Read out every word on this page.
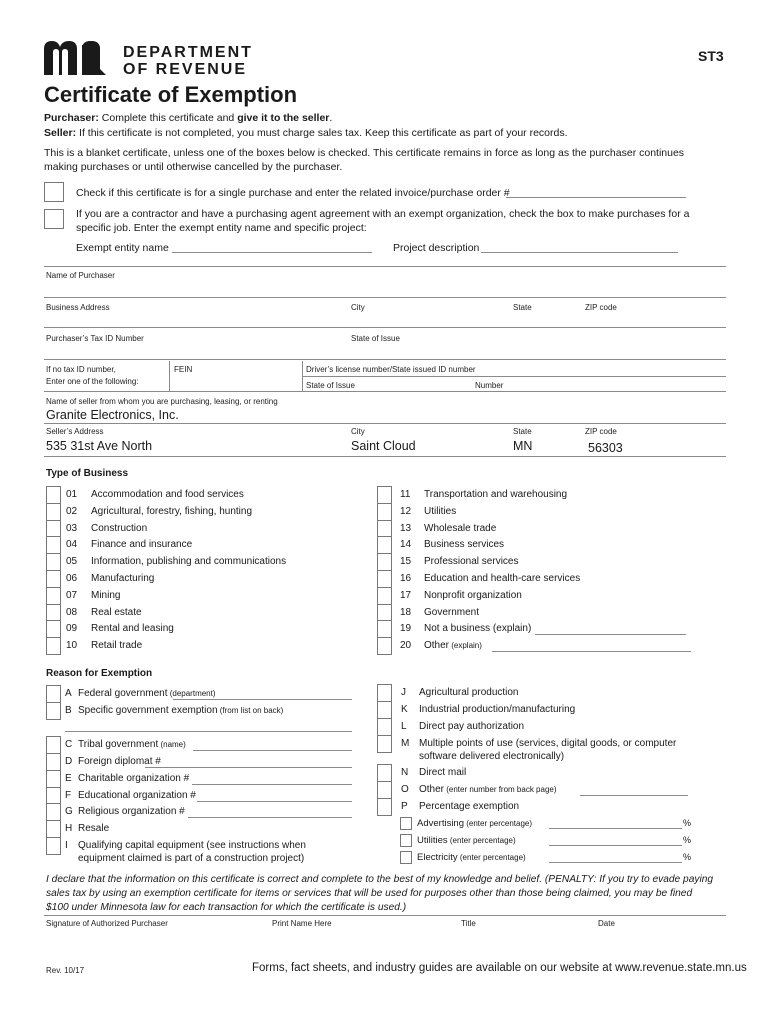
DEPARTMENT
OF REVENUE
ST3
Certificate of Exemption
Purchaser: Complete this certificate and give it to the seller.
Seller: If this certificate is not completed, you must charge sales tax. Keep this certificate as part of your records.
This is a blanket certificate, unless one of the boxes below is checked. This certificate remains in force as long as the purchaser continues
making purchases or until otherwise cancelled by the purchaser.
Check if this certificate is for a single purchase and enter the related invoice/purchase order #
If you are a contractor and have a purchasing agent agreement with an exempt organization, check the box to make purchases for a
specific job. Enter the exempt entity name and specific project:
Exempt entity name	Project description
Name of Purchaser
Business Address	City	State	ZIP code
Purchaser’s Tax ID Number	State of Issue
If no tax ID number,
Enter one of the following:
FEIN	Driver’s license number/State issued ID number
State of Issue	Number
Name of seller from whom you are purchasing, leasing, or renting
Granite Electronics, Inc.
Seller’s Address	City	State	ZIP code
535 31st Ave North	Saint Cloud	MN	56303
Type of Business
01 Accommodation and food services
02 Agricultural, forestry, fishing, hunting
03 Construction
04 Finance and insurance
05 Information, publishing and communications
06 Manufacturing
07 Mining
08 Real estate
09 Rental and leasing
10 Retail trade
11 Transportation and warehousing
12 Utilities
13 Wholesale trade
14 Business services
15 Professional services
16 Education and health-care services
17 Nonprofit organization
18 Government
19 Not a business (explain)
20 Other (explain)
Reason for Exemption
A Federal government (department)
B Specific government exemption (from list on back)
C Tribal government (name)
D Foreign diplomat #
E Charitable organization #
F Educational organization #
G Religious organization #
H Resale
I Qualifying capital equipment (see instructions when
equipment claimed is part of a construction project)
J Agricultural production
K Industrial production/manufacturing
L Direct pay authorization
M Multiple points of use (services, digital goods, or computer
software delivered electronically)
N Direct mail
O Other (enter number from back page)
P Percentage exemption
Advertising (enter percentage)	%
Utilities (enter percentage)	%
Electricity (enter percentage)	%
I declare that the information on this certificate is correct and complete to the best of my knowledge and belief. (PENALTY: If you try to evade paying
sales tax by using an exemption certificate for items or services that will be used for purposes other than those being claimed, you may be fined
$100 under Minnesota law for each transaction for which the certificate is used.)
Signature of Authorized Purchaser	Print Name Here	Title	Date
Rev. 10/17	Forms, fact sheets, and industry guides are available on our website at www.revenue.state.mn.us
